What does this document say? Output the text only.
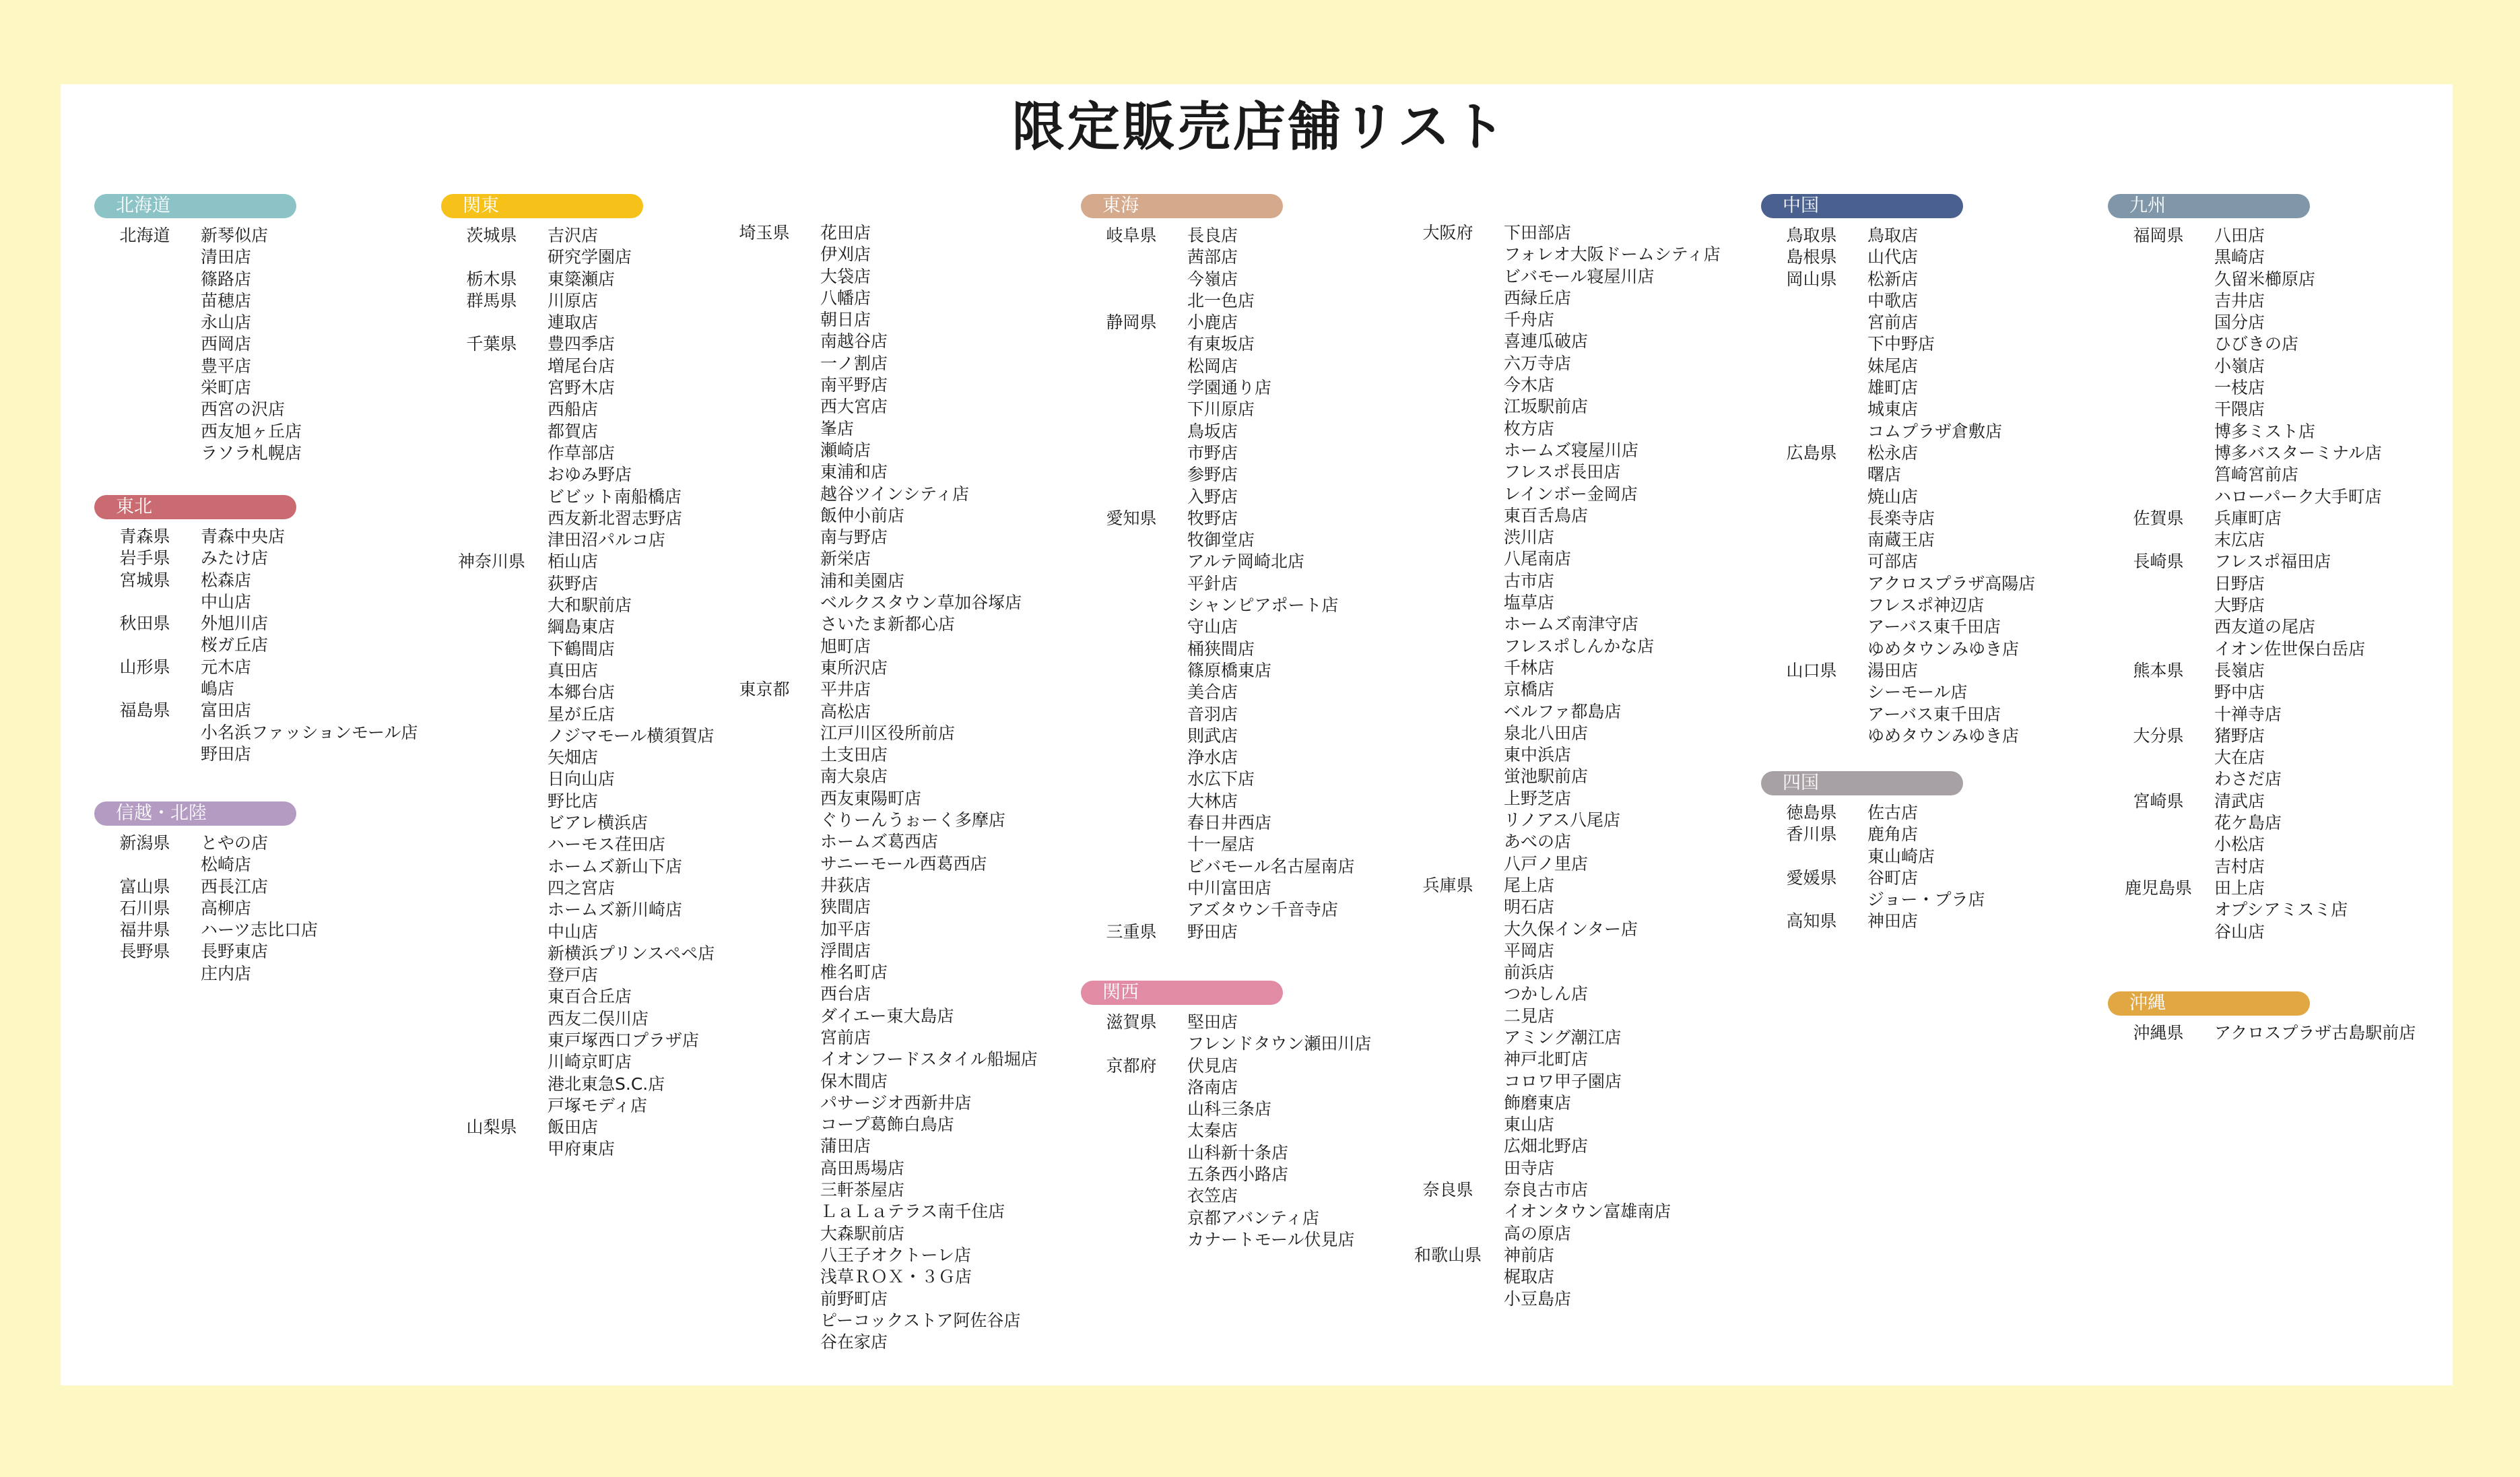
限定販売店舗リスト
北海道
北海道	新琴似店
清田店
篠路店
苗穂店
永山店
西岡店
豊平店
栄町店
西宮の沢店
西友旭ヶ丘店
ラソラ札幌店
東北
青森県	青森中央店
岩手県	みたけ店
宮城県	松森店
中山店
秋田県	外旭川店
桜ガ丘店
山形県	元木店
嶋店
福島県	富田店
小名浜ファッションモール店
野田店
信越・北陸
新潟県	とやの店
松崎店
富山県	西長江店
石川県	高柳店
福井県	ハーツ志比口店
長野県	長野東店
庄内店
関東
茨城県	吉沢店
研究学園店
栃木県	東簗瀬店
群馬県	川原店
連取店
千葉県	豊四季店
増尾台店
宮野木店
西船店
都賀店
作草部店
おゆみ野店
ビビット南船橋店
西友新北習志野店
津田沼パルコ店
神奈川県	栢山店
荻野店
大和駅前店
綱島東店
下鶴間店
真田店
本郷台店
星が丘店
ノジマモール横須賀店
矢畑店
日向山店
野比店
ビアレ横浜店
ハーモス荏田店
ホームズ新山下店
四之宮店
ホームズ新川崎店
中山店
新横浜プリンスペペ店
登戸店
東百合丘店
西友二俣川店
東戸塚西口プラザ店
川崎京町店
港北東急S.C.店
戸塚モディ店
山梨県	飯田店
甲府東店
埼玉県	花田店
伊刈店
大袋店
八幡店
朝日店
南越谷店
一ノ割店
南平野店
西大宮店
峯店
瀬崎店
東浦和店
越谷ツインシティ店
飯仲小前店
南与野店
新栄店
浦和美園店
ベルクスタウン草加谷塚店
さいたま新都心店
旭町店
東所沢店
東京都	平井店
高松店
江戸川区役所前店
土支田店
南大泉店
西友東陽町店
ぐりーんうぉーく多摩店
ホームズ葛西店
サニーモール西葛西店
井荻店
狭間店
加平店
浮間店
椎名町店
西台店
ダイエー東大島店
宮前店
イオンフードスタイル船堀店
保木間店
パサージオ西新井店
コープ葛飾白鳥店
蒲田店
高田馬場店
三軒茶屋店
ＬａＬａテラス南千住店
大森駅前店
八王子オクトーレ店
浅草ＲＯＸ・３Ｇ店
前野町店
ピーコックストア阿佐谷店
谷在家店
東海
岐阜県	長良店
茜部店
今嶺店
北一色店
静岡県	小鹿店
有東坂店
松岡店
学園通り店
下川原店
鳥坂店
市野店
参野店
入野店
愛知県	牧野店
牧御堂店
アルテ岡崎北店
平針店
シャンピアポート店
守山店
桶狭間店
篠原橋東店
美合店
音羽店
則武店
浄水店
水広下店
大林店
春日井西店
十一屋店
ビバモール名古屋南店
中川富田店
アズタウン千音寺店
三重県	野田店
関西
滋賀県	堅田店
フレンドタウン瀬田川店
京都府	伏見店
洛南店
山科三条店
太秦店
山科新十条店
五条西小路店
衣笠店
京都アバンティ店
カナートモール伏見店
大阪府	下田部店
フォレオ大阪ドームシティ店
ビバモール寝屋川店
西緑丘店
千舟店
喜連瓜破店
六万寺店
今木店
江坂駅前店
枚方店
ホームズ寝屋川店
フレスポ長田店
レインボー金岡店
東百舌鳥店
渋川店
八尾南店
古市店
塩草店
ホームズ南津守店
フレスポしんかな店
千林店
京橋店
ベルファ都島店
泉北八田店
東中浜店
蛍池駅前店
上野芝店
リノアス八尾店
あべの店
八戸ノ里店
兵庫県	尾上店
明石店
大久保インター店
平岡店
前浜店
つかしん店
二見店
アミング潮江店
神戸北町店
コロワ甲子園店
飾磨東店
東山店
広畑北野店
田寺店
奈良県	奈良古市店
イオンタウン富雄南店
高の原店
和歌山県	神前店
梶取店
小豆島店
中国
鳥取県	鳥取店
島根県	山代店
岡山県	松新店
中歌店
宮前店
下中野店
妹尾店
雄町店
城東店
コムプラザ倉敷店
広島県	松永店
曙店
焼山店
長楽寺店
南蔵王店
可部店
アクロスプラザ高陽店
フレスポ神辺店
アーバス東千田店
ゆめタウンみゆき店
山口県	湯田店
シーモール店
アーバス東千田店
ゆめタウンみゆき店
四国
徳島県	佐古店
香川県	鹿角店
東山崎店
愛媛県	谷町店
ジョー・プラ店
高知県	神田店
九州
福岡県	八田店
黒崎店
久留米櫛原店
吉井店
国分店
ひびきの店
小嶺店
一枝店
干隈店
博多ミスト店
博多バスターミナル店
筥崎宮前店
ハローパーク大手町店
佐賀県	兵庫町店
末広店
長崎県	フレスポ福田店
日野店
大野店
西友道の尾店
イオン佐世保白岳店
熊本県	長嶺店
野中店
十禅寺店
大分県	猪野店
大在店
わさだ店
宮崎県	清武店
花ケ島店
小松店
吉村店
鹿児島県	田上店
オプシアミスミ店
谷山店
沖縄
沖縄県	アクロスプラザ古島駅前店
